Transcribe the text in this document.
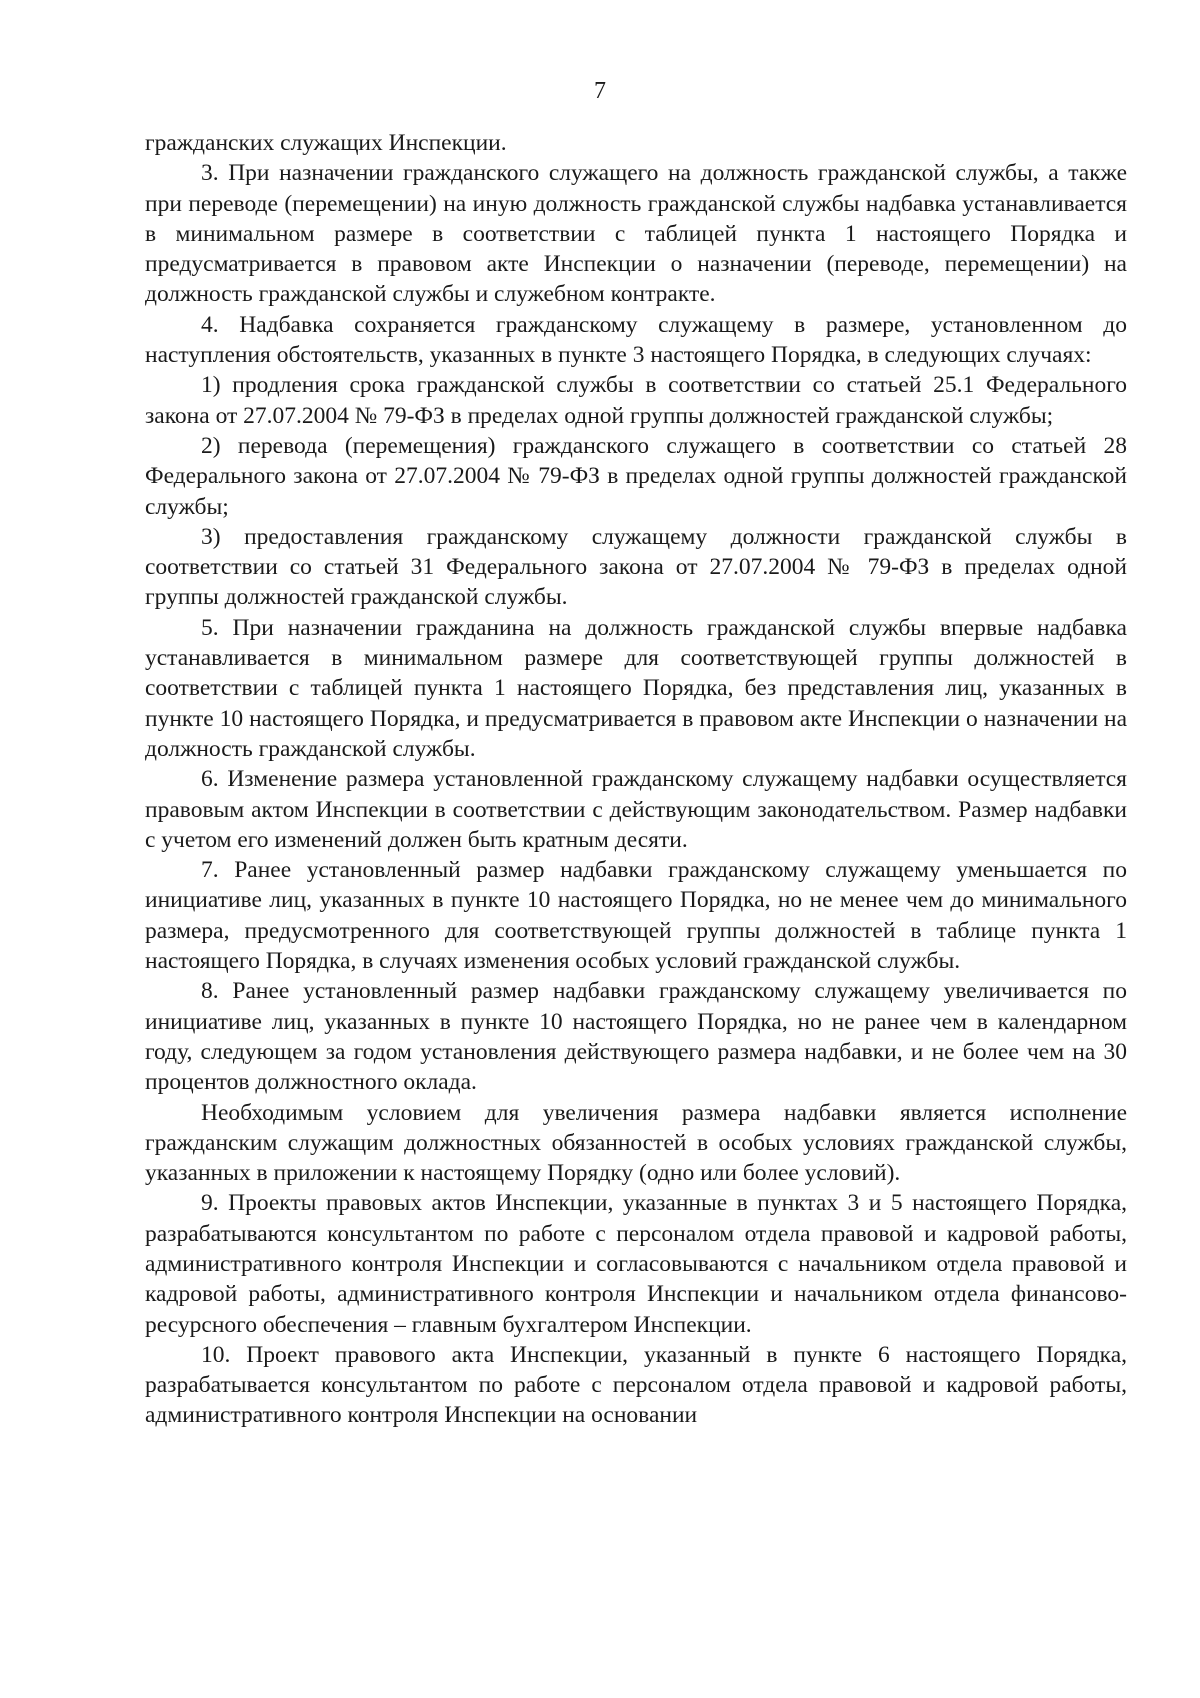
7

гражданских служащих Инспекции.

3. При назначении гражданского служащего на должность гражданской службы, а также при переводе (перемещении) на иную должность гражданской службы надбавка устанавливается в минимальном размере в соответствии с таблицей пункта 1 настоящего Порядка и предусматривается в правовом акте Инспекции о назначении (переводе, перемещении) на должность гражданской службы и служебном контракте.

4. Надбавка сохраняется гражданскому служащему в размере, установленном до наступления обстоятельств, указанных в пункте 3 настоящего Порядка, в следующих случаях:

1) продления срока гражданской службы в соответствии со статьей 25.1 Федерального закона от 27.07.2004 № 79-ФЗ в пределах одной группы должностей гражданской службы;

2) перевода (перемещения) гражданского служащего в соответствии со статьей 28 Федерального закона от 27.07.2004 № 79-ФЗ в пределах одной группы должностей гражданской службы;

3) предоставления гражданскому служащему должности гражданской службы в соответствии со статьей 31 Федерального закона от 27.07.2004 № 79-ФЗ в пределах одной группы должностей гражданской службы.

5. При назначении гражданина на должность гражданской службы впервые надбавка устанавливается в минимальном размере для соответствующей группы должностей в соответствии с таблицей пункта 1 настоящего Порядка, без представления лиц, указанных в пункте 10 настоящего Порядка, и предусматривается в правовом акте Инспекции о назначении на должность гражданской службы.

6. Изменение размера установленной гражданскому служащему надбавки осуществляется правовым актом Инспекции в соответствии с действующим законодательством. Размер надбавки с учетом его изменений должен быть кратным десяти.

7. Ранее установленный размер надбавки гражданскому служащему уменьшается по инициативе лиц, указанных в пункте 10 настоящего Порядка, но не менее чем до минимального размера, предусмотренного для соответствующей группы должностей в таблице пункта 1 настоящего Порядка, в случаях изменения особых условий гражданской службы.

8. Ранее установленный размер надбавки гражданскому служащему увеличивается по инициативе лиц, указанных в пункте 10 настоящего Порядка, но не ранее чем в календарном году, следующем за годом установления действующего размера надбавки, и не более чем на 30 процентов должностного оклада.

Необходимым условием для увеличения размера надбавки является исполнение гражданским служащим должностных обязанностей в особых условиях гражданской службы, указанных в приложении к настоящему Порядку (одно или более условий).

9. Проекты правовых актов Инспекции, указанные в пунктах 3 и 5 настоящего Порядка, разрабатываются консультантом по работе с персоналом отдела правовой и кадровой работы, административного контроля Инспекции и согласовываются с начальником отдела правовой и кадровой работы, административного контроля Инспекции и начальником отдела финансово-ресурсного обеспечения – главным бухгалтером Инспекции.

10. Проект правового акта Инспекции, указанный в пункте 6 настоящего Порядка, разрабатывается консультантом по работе с персоналом отдела правовой и кадровой работы, административного контроля Инспекции на основании
